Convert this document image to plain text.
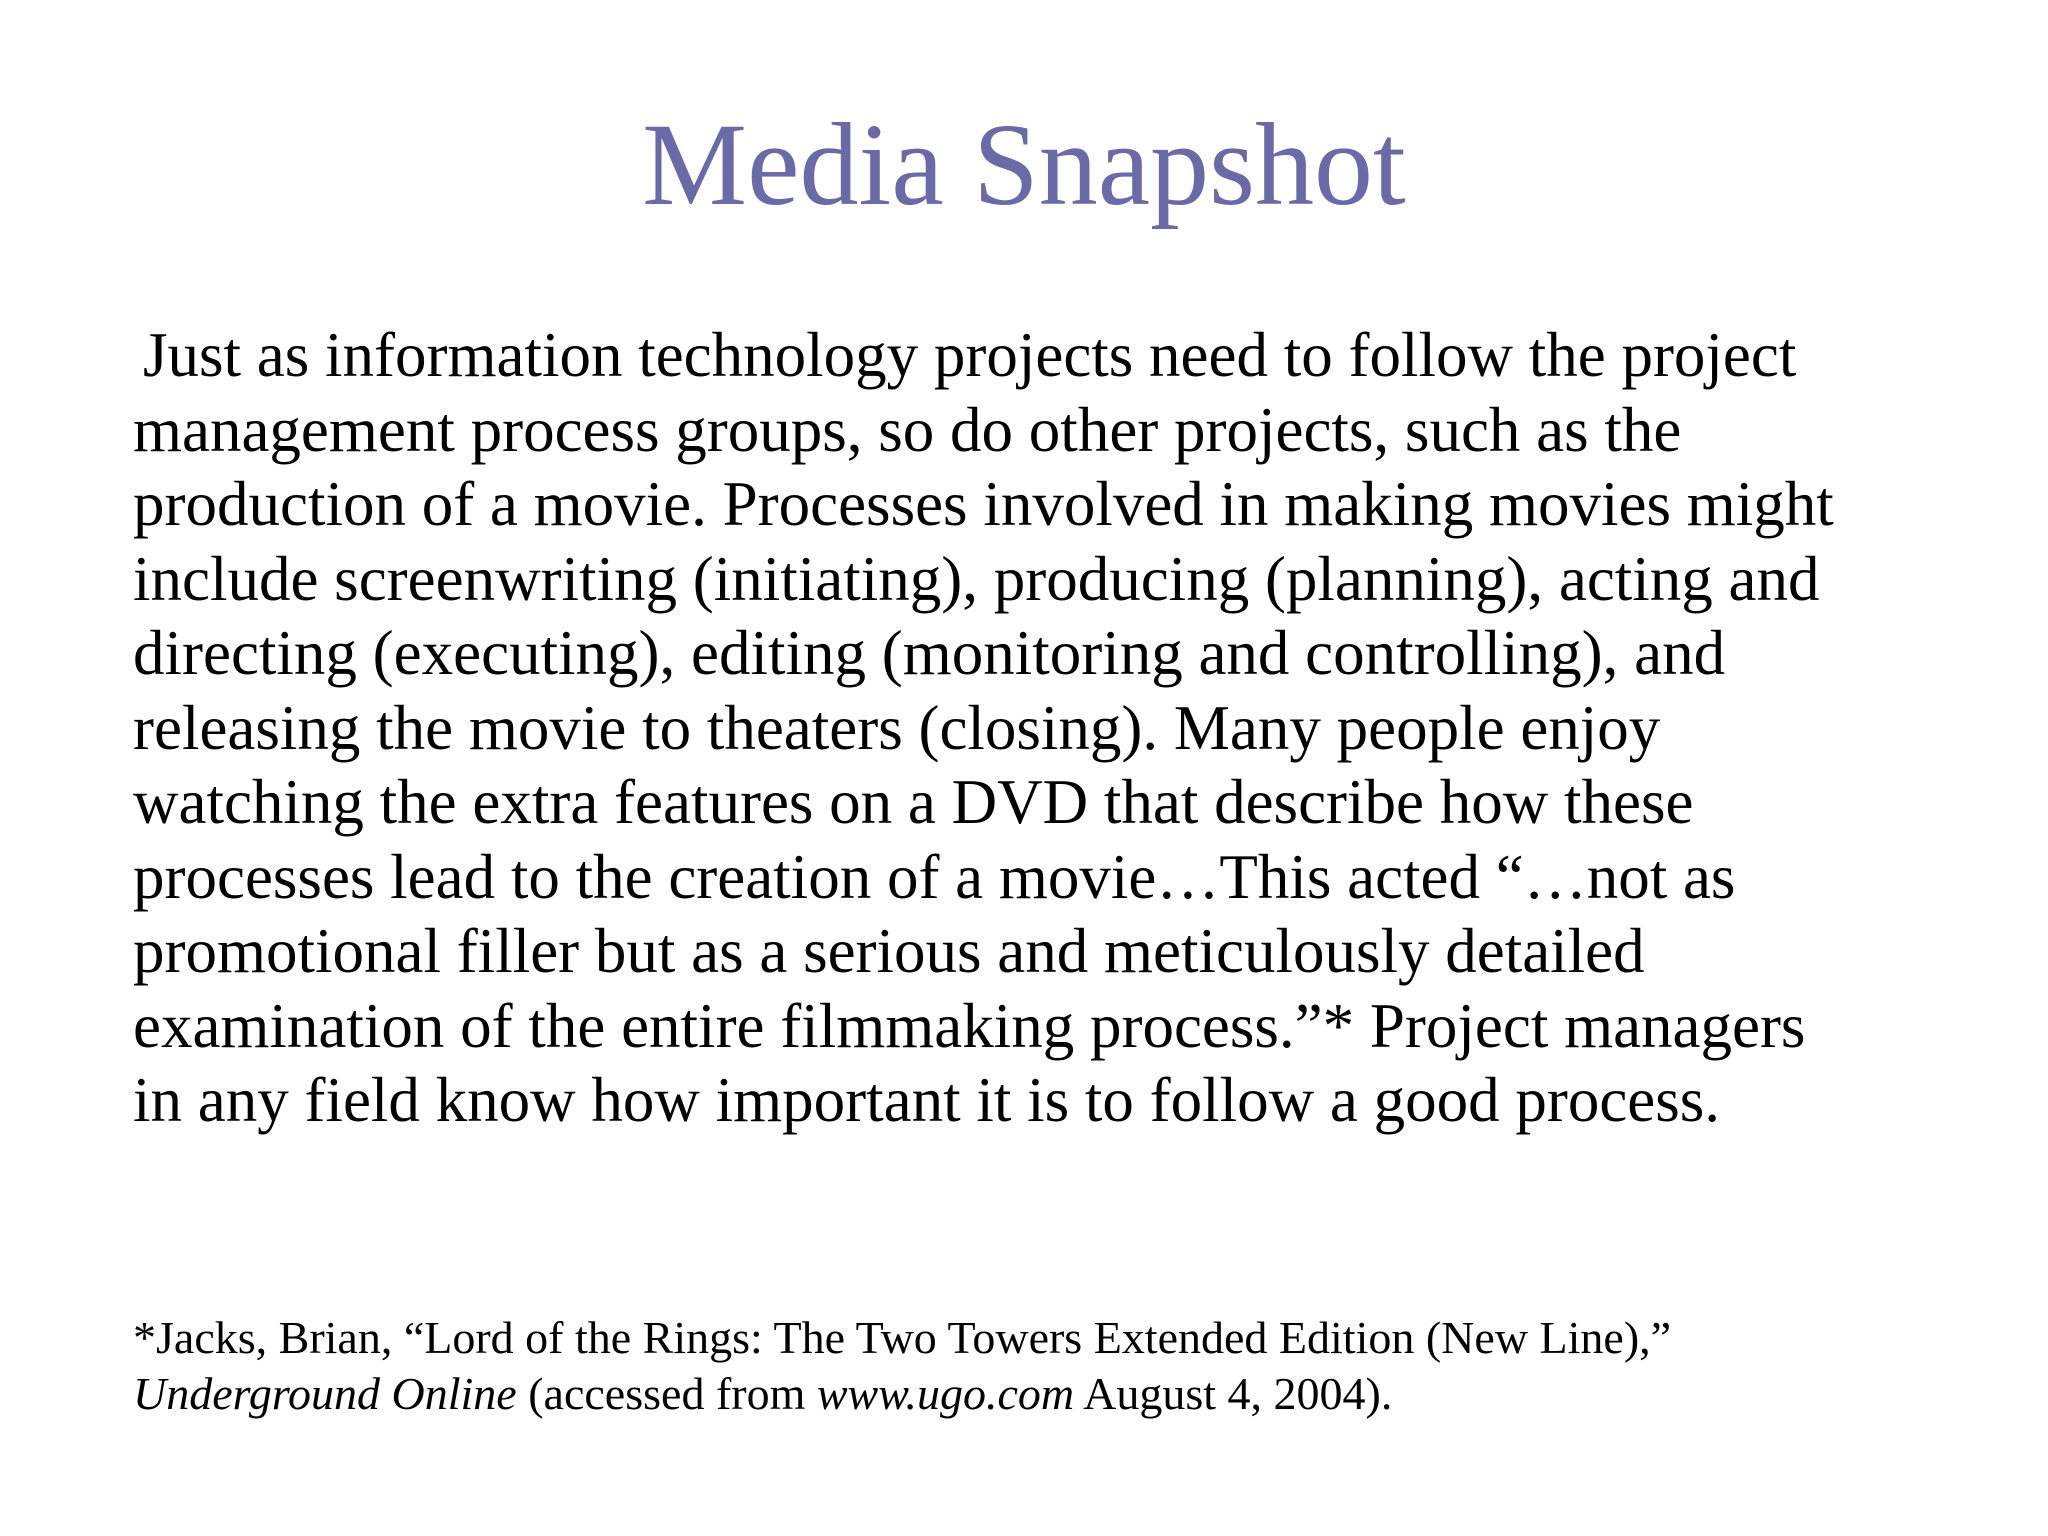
Media Snapshot
Just as information technology projects need to follow the project
management process groups, so do other projects, such as the
production of a movie. Processes involved in making movies might
include screenwriting (initiating), producing (planning), acting and
directing (executing), editing (monitoring and controlling), and
releasing the movie to theaters (closing). Many people enjoy
watching the extra features on a DVD that describe how these
processes lead to the creation of a movie…This acted “…not as
promotional filler but as a serious and meticulously detailed
examination of the entire filmmaking process.”* Project managers
in any field know how important it is to follow a good process.
*Jacks, Brian, “Lord of the Rings: The Two Towers Extended Edition (New Line),”
Underground Online (accessed from www.ugo.com August 4, 2004).
